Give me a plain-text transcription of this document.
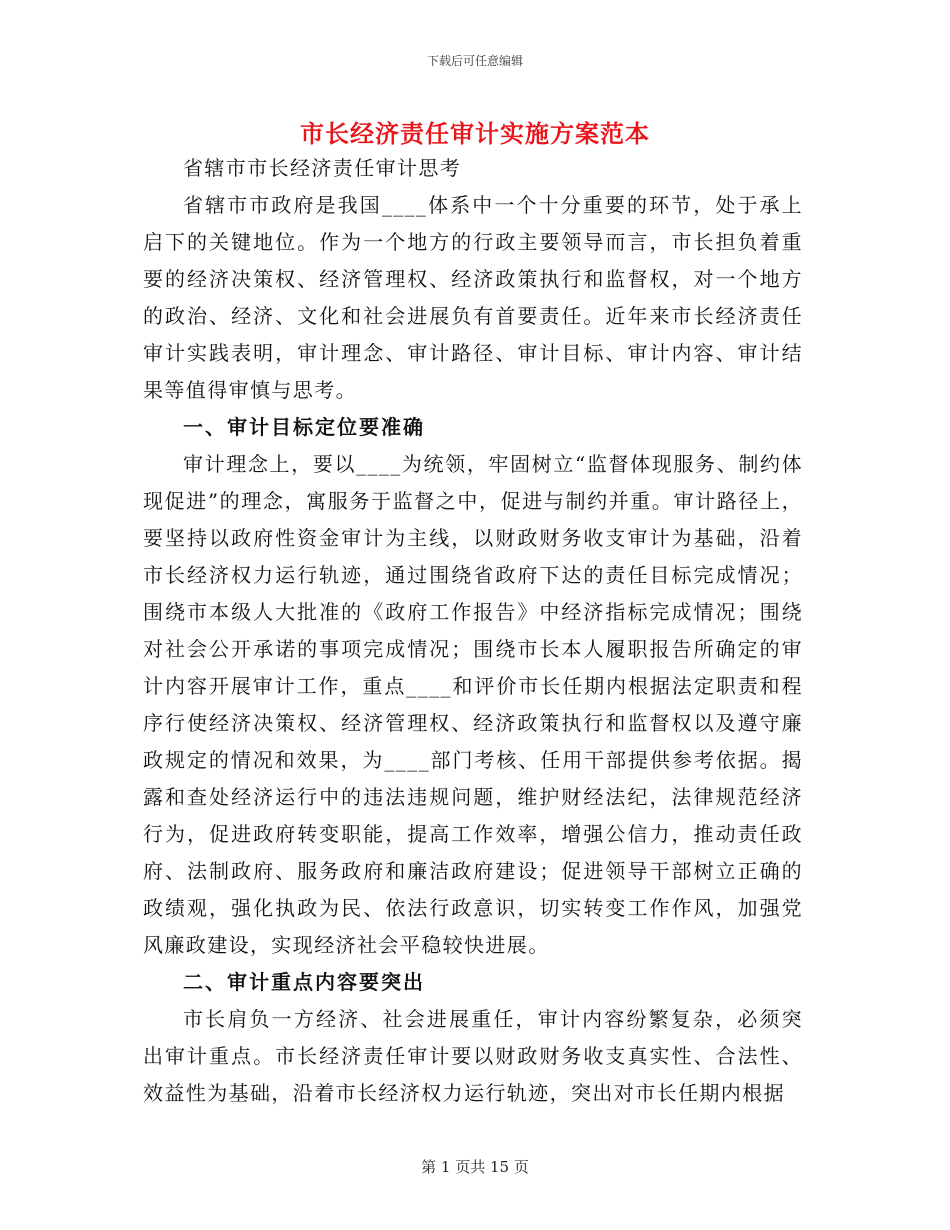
下载后可任意编辑
市长经济责任审计实施方案范本

省辖市市长经济责任审计思考

省辖市市政府是我国____体系中一个十分重要的环节，处于承上启下的关键地位。作为一个地方的行政主要领导而言，市长担负着重要的经济决策权、经济管理权、经济政策执行和监督权，对一个地方的政治、经济、文化和社会进展负有首要责任。近年来市长经济责任审计实践表明，审计理念、审计路径、审计目标、审计内容、审计结果等值得审慎与思考。

一、审计目标定位要准确

审计理念上，要以____为统领，牢固树立“监督体现服务、制约体现促进”的理念，寓服务于监督之中，促进与制约并重。审计路径上，要坚持以政府性资金审计为主线，以财政财务收支审计为基础，沿着市长经济权力运行轨迹，通过围绕省政府下达的责任目标完成情况；围绕市本级人大批准的《政府工作报告》中经济指标完成情况；围绕对社会公开承诺的事项完成情况；围绕市长本人履职报告所确定的审计内容开展审计工作，重点____和评价市长任期内根据法定职责和程序行使经济决策权、经济管理权、经济政策执行和监督权以及遵守廉政规定的情况和效果，为____部门考核、任用干部提供参考依据。揭露和查处经济运行中的违法违规问题，维护财经法纪，法律规范经济行为，促进政府转变职能，提高工作效率，增强公信力，推动责任政府、法制政府、服务政府和廉洁政府建设；促进领导干部树立正确的政绩观，强化执政为民、依法行政意识，切实转变工作作风，加强党风廉政建设，实现经济社会平稳较快进展。

二、审计重点内容要突出

市长肩负一方经济、社会进展重任，审计内容纷繁复杂，必须突出审计重点。市长经济责任审计要以财政财务收支真实性、合法性、效益性为基础，沿着市长经济权力运行轨迹，突出对市长任期内根据

第 1 页共 15 页
